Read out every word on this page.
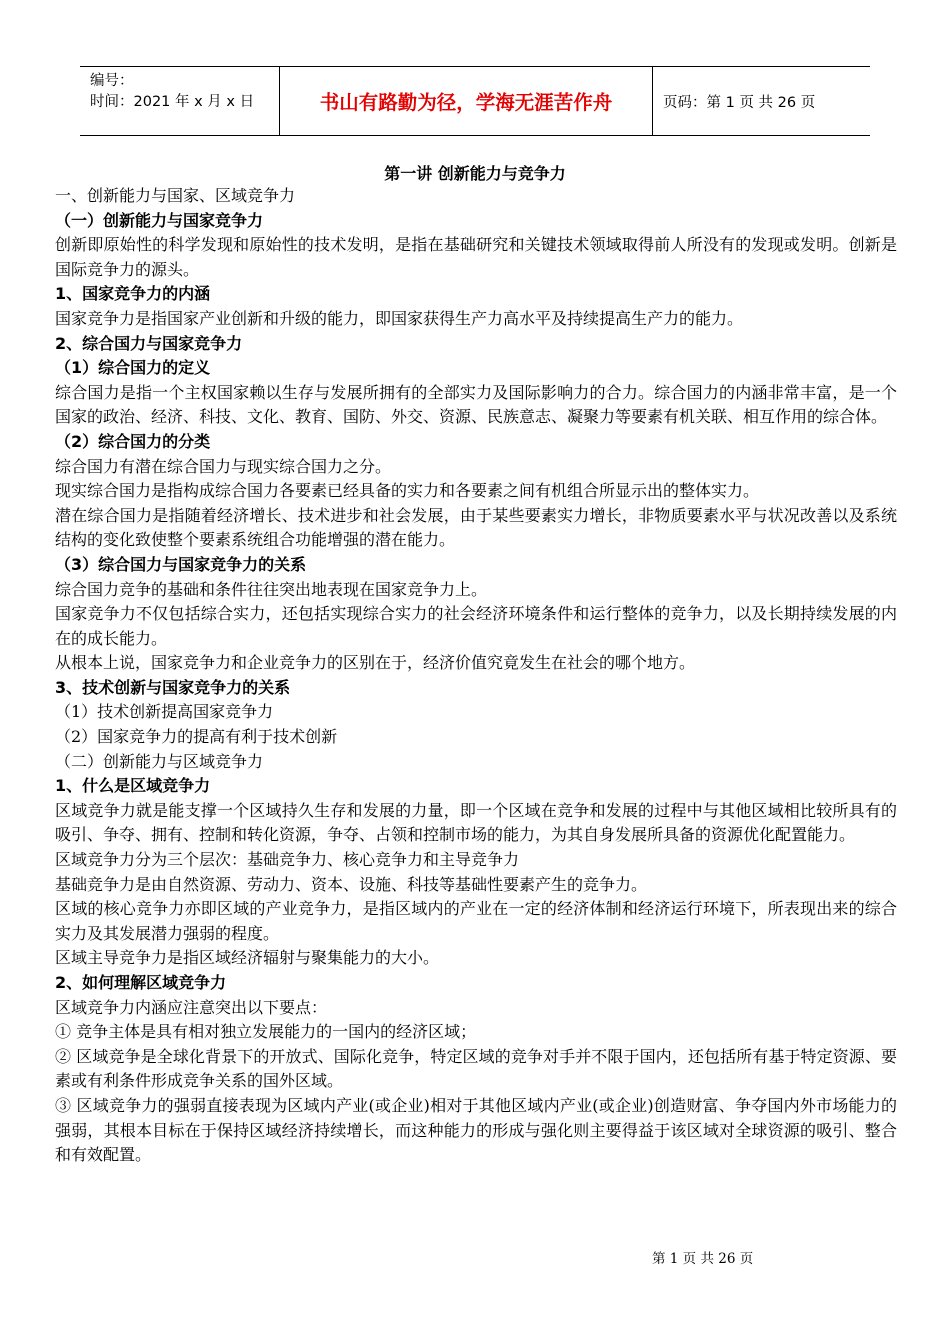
编号：
时间：2021 年 x 月 x 日	书山有路勤为径，学海无涯苦作舟	页码：第 1 页 共 26 页
第一讲 创新能力与竞争力

一、创新能力与国家、区域竞争力

（一）创新能力与国家竞争力

创新即原始性的科学发现和原始性的技术发明，是指在基础研究和关键技术领域取得前人所没有的发现或发明。创新是国际竞争力的源头。

1、国家竞争力的内涵

国家竞争力是指国家产业创新和升级的能力，即国家获得生产力高水平及持续提高生产力的能力。

2、综合国力与国家竞争力

（1）综合国力的定义

综合国力是指一个主权国家赖以生存与发展所拥有的全部实力及国际影响力的合力。综合国力的内涵非常丰富，是一个国家的政治、经济、科技、文化、教育、国防、外交、资源、民族意志、凝聚力等要素有机关联、相互作用的综合体。

（2）综合国力的分类

综合国力有潜在综合国力与现实综合国力之分。

现实综合国力是指构成综合国力各要素已经具备的实力和各要素之间有机组合所显示出的整体实力。

潜在综合国力是指随着经济增长、技术进步和社会发展，由于某些要素实力增长，非物质要素水平与状况改善以及系统结构的变化致使整个要素系统组合功能增强的潜在能力。

（3）综合国力与国家竞争力的关系

综合国力竞争的基础和条件往往突出地表现在国家竞争力上。

国家竞争力不仅包括综合实力，还包括实现综合实力的社会经济环境条件和运行整体的竞争力，以及长期持续发展的内在的成长能力。

从根本上说，国家竞争力和企业竞争力的区别在于，经济价值究竟发生在社会的哪个地方。

3、技术创新与国家竞争力的关系

（1）技术创新提高国家竞争力

（2）国家竞争力的提高有利于技术创新

（二）创新能力与区域竞争力

1、什么是区域竞争力

区域竞争力就是能支撑一个区域持久生存和发展的力量，即一个区域在竞争和发展的过程中与其他区域相比较所具有的吸引、争夺、拥有、控制和转化资源，争夺、占领和控制市场的能力，为其自身发展所具备的资源优化配置能力。

区域竞争力分为三个层次：基础竞争力、核心竞争力和主导竞争力

基础竞争力是由自然资源、劳动力、资本、设施、科技等基础性要素产生的竞争力。

区域的核心竞争力亦即区域的产业竞争力，是指区域内的产业在一定的经济体制和经济运行环境下，所表现出来的综合实力及其发展潜力强弱的程度。

区域主导竞争力是指区域经济辐射与聚集能力的大小。

2、如何理解区域竞争力

区域竞争力内涵应注意突出以下要点：

① 竞争主体是具有相对独立发展能力的一国内的经济区域；

② 区域竞争是全球化背景下的开放式、国际化竞争，特定区域的竞争对手并不限于国内，还包括所有基于特定资源、要素或有利条件形成竞争关系的国外区域。

③ 区域竞争力的强弱直接表现为区域内产业(或企业)相对于其他区域内产业(或企业)创造财富、争夺国内外市场能力的强弱，其根本目标在于保持区域经济持续增长，而这种能力的形成与强化则主要得益于该区域对全球资源的吸引、整合和有效配置。

第 1 页 共 26 页
